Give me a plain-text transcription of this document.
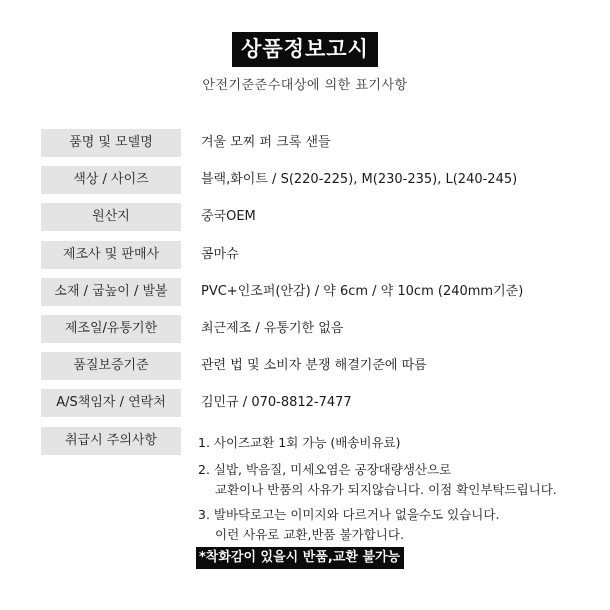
상품정보고시
안전기준준수대상에 의한 표기사항
품명 및 모델명	겨울 모찌 퍼 크록 샌들
색상 / 사이즈	블랙,화이트 / S(220-225), M(230-235), L(240-245)
원산지	중국OEM
제조사 및 판매사	콤마슈
소재 / 굽높이 / 발볼	PVC+인조퍼(안감) / 약 6cm / 약 10cm (240mm기준)
제조일/유통기한	최근제조 / 유통기한 없음
품질보증기준	관련 법 및 소비자 분쟁 해결기준에 따름
A/S책임자 / 연락처	김민규 / 070-8812-7477
취급시 주의사항	1. 사이즈교환 1회 가능 (배송비유료)
2. 실밥, 박음질, 미세오염은 공장대량생산으로
교환이나 반품의 사유가 되지않습니다. 이점 확인부탁드립니다.
3. 발바닥로고는 이미지와 다르거나 없을수도 있습니다.
이런 사유로 교환,반품 불가합니다.
*착화감이 있을시 반품,교환 불가능
